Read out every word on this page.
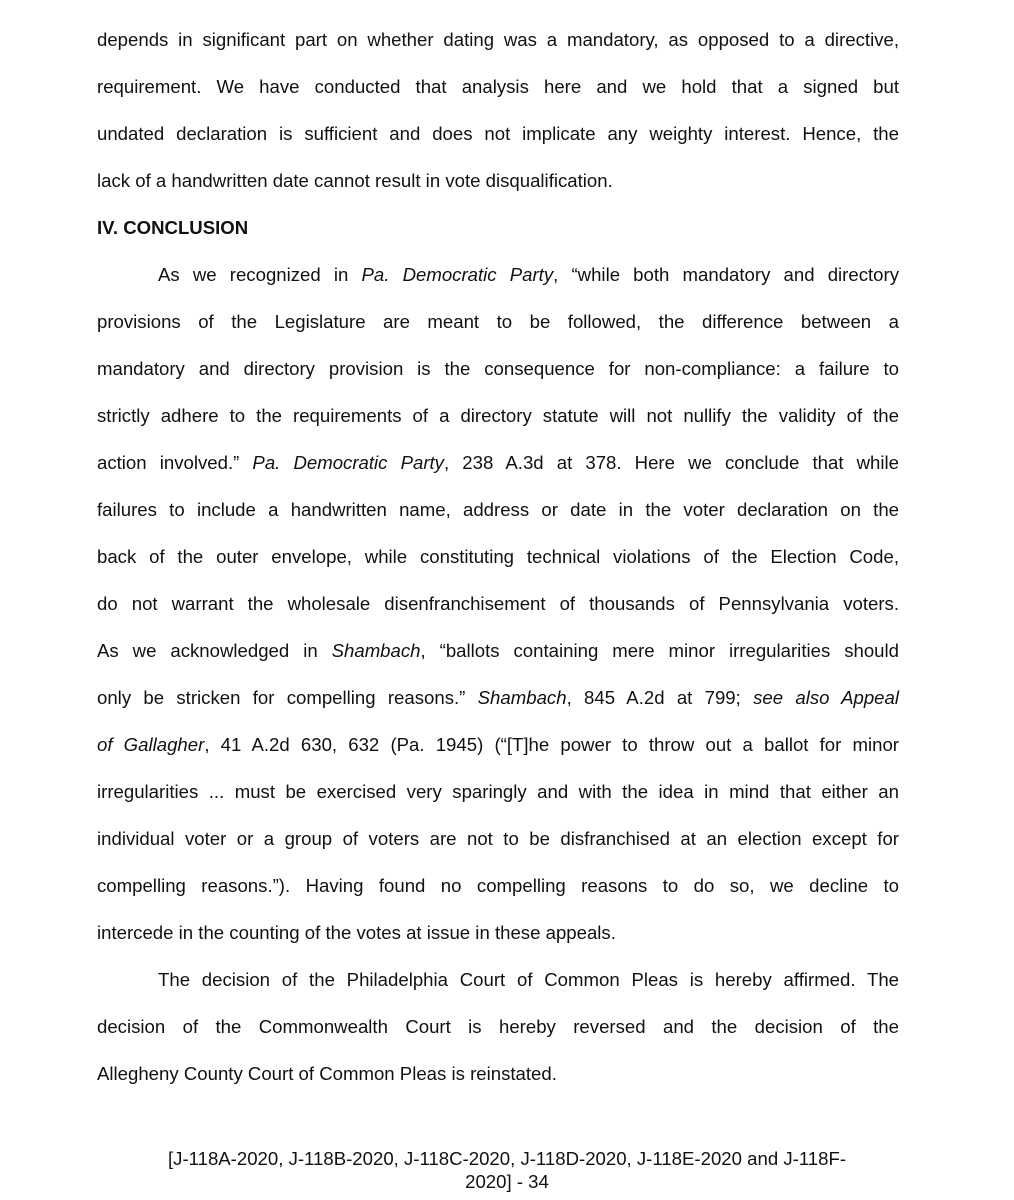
depends in significant part on whether dating was a mandatory, as opposed to a directive,
requirement. We have conducted that analysis here and we hold that a signed but
undated declaration is sufficient and does not implicate any weighty interest. Hence, the
lack of a handwritten date cannot result in vote disqualification.
IV. CONCLUSION
As we recognized in Pa. Democratic Party, “while both mandatory and directory
provisions of the Legislature are meant to be followed, the difference between a
mandatory and directory provision is the consequence for non-compliance: a failure to
strictly adhere to the requirements of a directory statute will not nullify the validity of the
action involved.” Pa. Democratic Party, 238 A.3d at 378. Here we conclude that while
failures to include a handwritten name, address or date in the voter declaration on the
back of the outer envelope, while constituting technical violations of the Election Code,
do not warrant the wholesale disenfranchisement of thousands of Pennsylvania voters.
As we acknowledged in Shambach, “ballots containing mere minor irregularities should
only be stricken for compelling reasons.” Shambach, 845 A.2d at 799; see also Appeal
of Gallagher, 41 A.2d 630, 632 (Pa. 1945) (“[T]he power to throw out a ballot for minor
irregularities ... must be exercised very sparingly and with the idea in mind that either an
individual voter or a group of voters are not to be disfranchised at an election except for
compelling reasons.”). Having found no compelling reasons to do so, we decline to
intercede in the counting of the votes at issue in these appeals.
The decision of the Philadelphia Court of Common Pleas is hereby affirmed. The
decision of the Commonwealth Court is hereby reversed and the decision of the
Allegheny County Court of Common Pleas is reinstated.
[J-118A-2020, J-118B-2020, J-118C-2020, J-118D-2020, J-118E-2020 and J-118F-
2020] - 34
